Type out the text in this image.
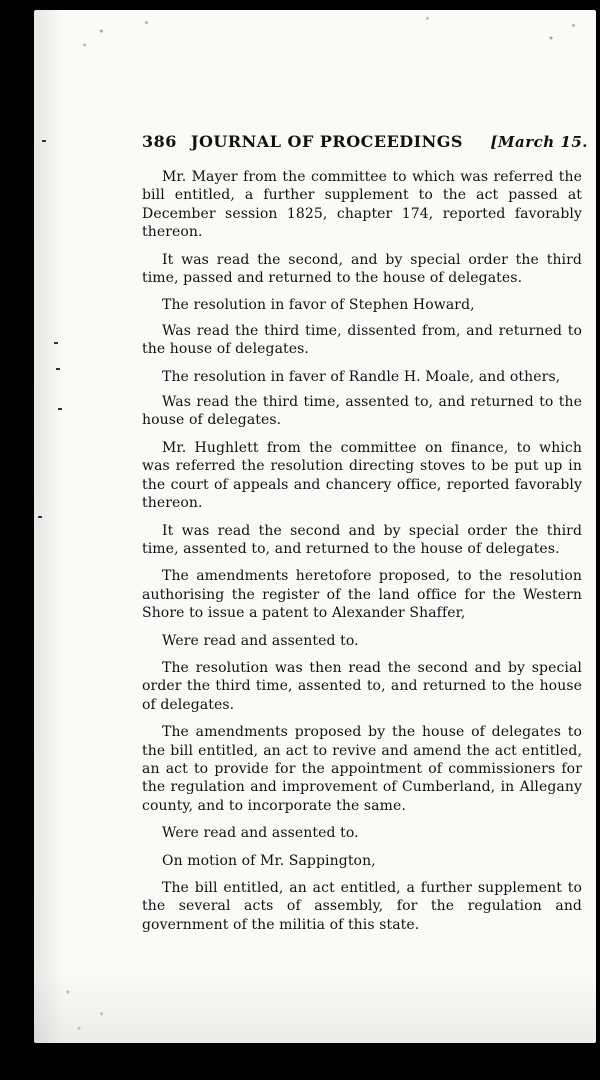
386 JOURNAL OF PROCEEDINGS	[March 15.

Mr. Mayer from the committee to which was referred the bill entitled, a further supplement to the act passed at December session 1825, chapter 174, reported favorably thereon.

It was read the second, and by special order the third time, passed and returned to the house of delegates.

The resolution in favor of Stephen Howard,

Was read the third time, dissented from, and returned to the house of delegates.

The resolution in faver of Randle H. Moale, and others,

Was read the third time, assented to, and returned to the house of delegates.

Mr. Hughlett from the committee on finance, to which was referred the resolution directing stoves to be put up in the court of appeals and chancery office, reported favorably thereon.

It was read the second and by special order the third time, assented to, and returned to the house of delegates.

The amendments heretofore proposed, to the resolution authorising the register of the land office for the Western Shore to issue a patent to Alexander Shaffer,

Were read and assented to.

The resolution was then read the second and by special order the third time, assented to, and returned to the house of delegates.

The amendments proposed by the house of delegates to the bill entitled, an act to revive and amend the act entitled, an act to provide for the appointment of commissioners for the regulation and improvement of Cumberland, in Allegany county, and to incorporate the same.

Were read and assented to.

On motion of Mr. Sappington,

The bill entitled, an act entitled, a further supplement to the several acts of assembly, for the regulation and government of the militia of this state.
